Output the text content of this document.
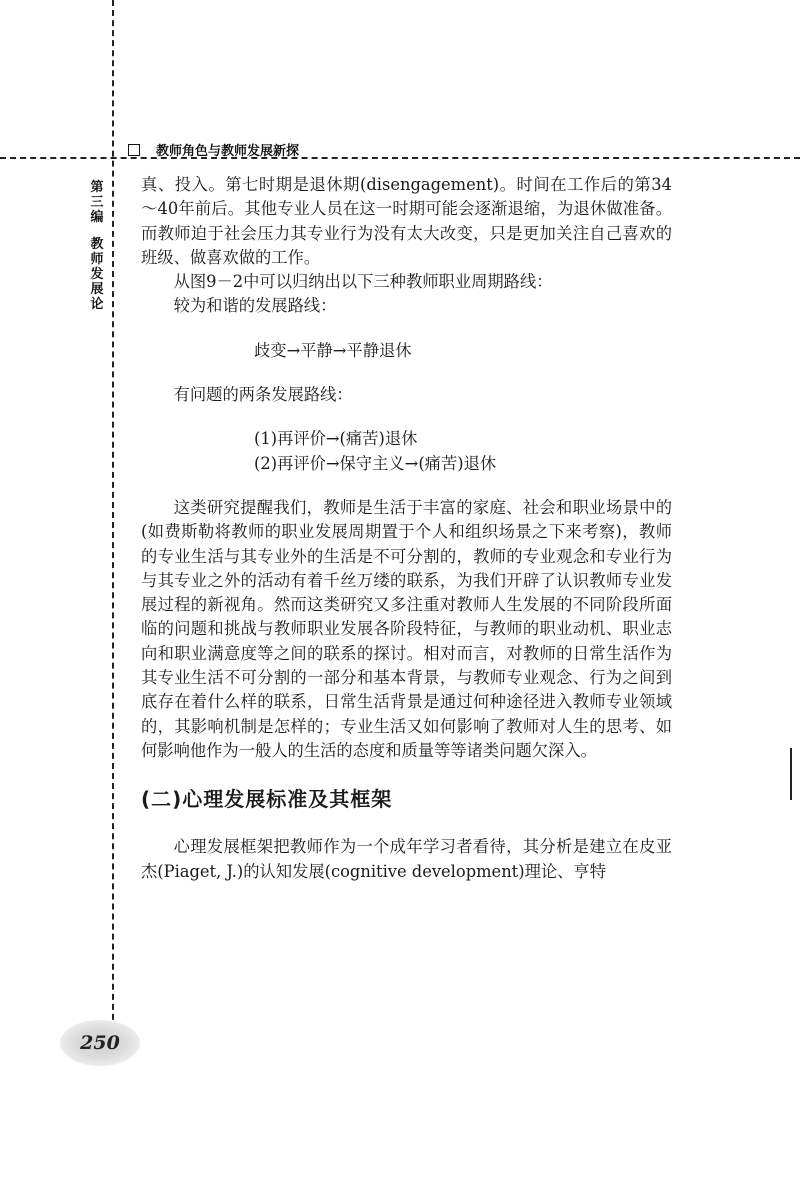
教师角色与教师发展新探
第
三
编
教
师
发
展
论

真、投入。第七时期是退休期(disengagement)。时间在工作后的第34～40年前后。其他专业人员在这一时期可能会逐渐退缩，为退休做准备。而教师迫于社会压力其专业行为没有太大改变，只是更加关注自己喜欢的班级、做喜欢做的工作。

从图9－2中可以归纳出以下三种教师职业周期路线：

较为和谐的发展路线：

歧变→平静→平静退休

有问题的两条发展路线：

(1)再评价→(痛苦)退休

(2)再评价→保守主义→(痛苦)退休

这类研究提醒我们，教师是生活于丰富的家庭、社会和职业场景中的(如费斯勒将教师的职业发展周期置于个人和组织场景之下来考察)，教师的专业生活与其专业外的生活是不可分割的，教师的专业观念和专业行为与其专业之外的活动有着千丝万缕的联系，为我们开辟了认识教师专业发展过程的新视角。然而这类研究又多注重对教师人生发展的不同阶段所面临的问题和挑战与教师职业发展各阶段特征，与教师的职业动机、职业志向和职业满意度等之间的联系的探讨。相对而言，对教师的日常生活作为其专业生活不可分割的一部分和基本背景，与教师专业观念、行为之间到底存在着什么样的联系，日常生活背景是通过何种途径进入教师专业领域的，其影响机制是怎样的；专业生活又如何影响了教师对人生的思考、如何影响他作为一般人的生活的态度和质量等等诸类问题欠深入。

(二)心理发展标准及其框架

心理发展框架把教师作为一个成年学习者看待，其分析是建立在皮亚杰(Piaget, J.)的认知发展(cognitive development)理论、亨特

250
